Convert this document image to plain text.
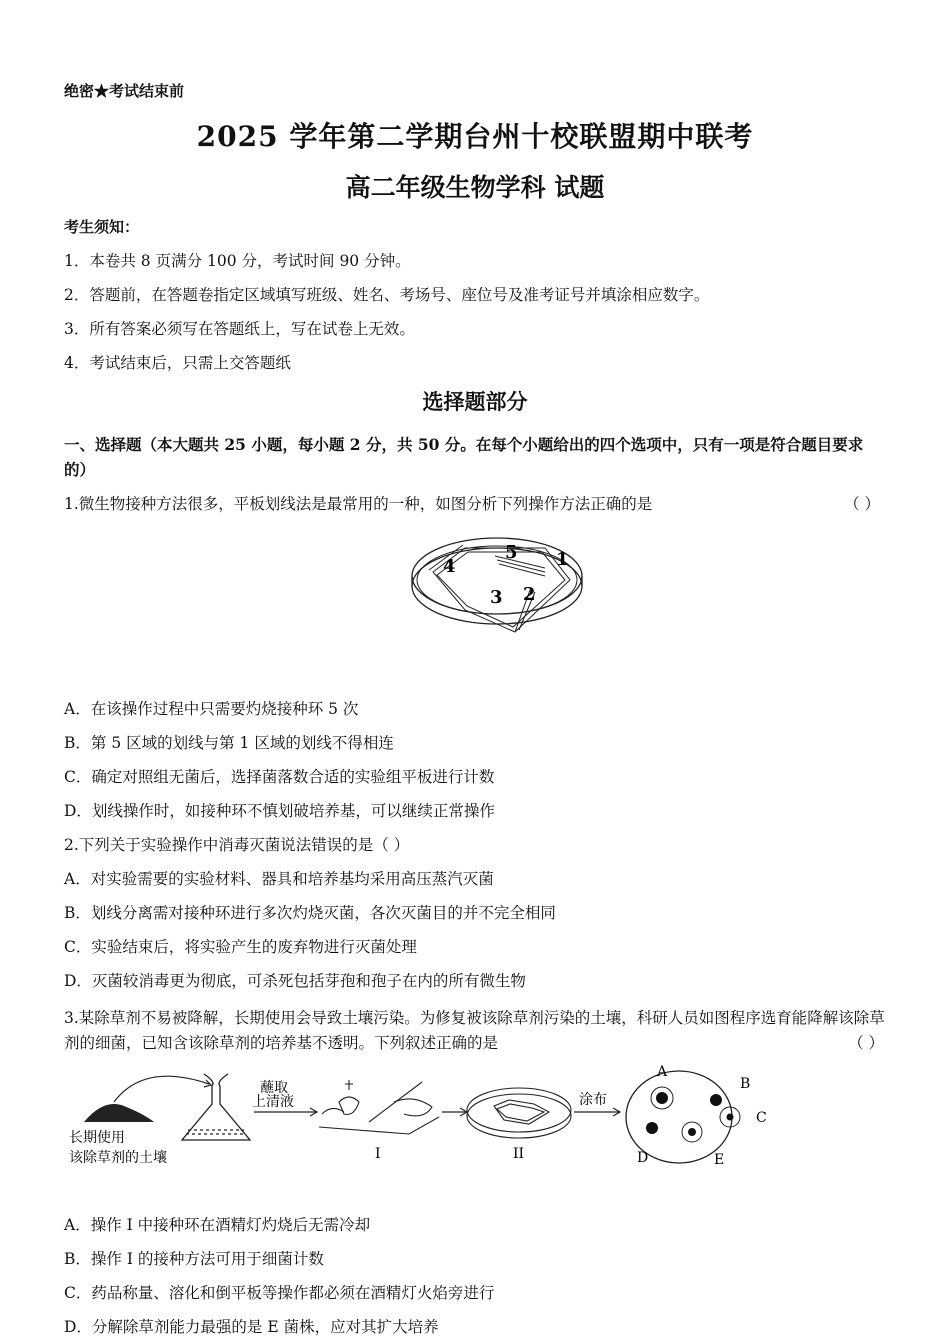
绝密★考试结束前
2025 学年第二学期台州十校联盟期中联考
高二年级生物学科 试题
考生须知：
1．本卷共 8 页满分 100 分，考试时间 90 分钟。
2．答题前，在答题卷指定区域填写班级、姓名、考场号、座位号及准考证号并填涂相应数字。
3．所有答案必须写在答题纸上，写在试卷上无效。
4．考试结束后，只需上交答题纸
选择题部分
一、选择题（本大题共 25 小题，每小题 2 分，共 50 分。在每个小题给出的四个选项中，只有一项是符合题目要求的）
1.微生物接种方法很多，平板划线法是最常用的一种，如图分析下列操作方法正确的是	（ ）
5 1
4
3 2
A．在该操作过程中只需要灼烧接种环 5 次
B．第 5 区域的划线与第 1 区域的划线不得相连
C．确定对照组无菌后，选择菌落数合适的实验组平板进行计数
D．划线操作时，如接种环不慎划破培养基，可以继续正常操作
2.下列关于实验操作中消毒灭菌说法错误的是（ ）
A．对实验需要的实验材料、器具和培养基均采用高压蒸汽灭菌
B．划线分离需对接种环进行多次灼烧灭菌，各次灭菌目的并不完全相同
C．实验结束后，将实验产生的废弃物进行灭菌处理
D．灭菌较消毒更为彻底，可杀死包括芽孢和孢子在内的所有微生物
3.某除草剂不易被降解，长期使用会导致土壤污染。为修复被该除草剂污染的土壤，科研人员如图程序选育能降解该除草剂的细菌，已知含该除草剂的培养基不透明。下列叙述正确的是	（ ）
长期使用
该除草剂的土壤
蘸取
上清液
I	II
涂布
A
B
C
D	E
A．操作 I 中接种环在酒精灯灼烧后无需冷却
B．操作 I 的接种方法可用于细菌计数
C．药品称量、溶化和倒平板等操作都必须在酒精灯火焰旁进行
D．分解除草剂能力最强的是 E 菌株，应对其扩大培养
